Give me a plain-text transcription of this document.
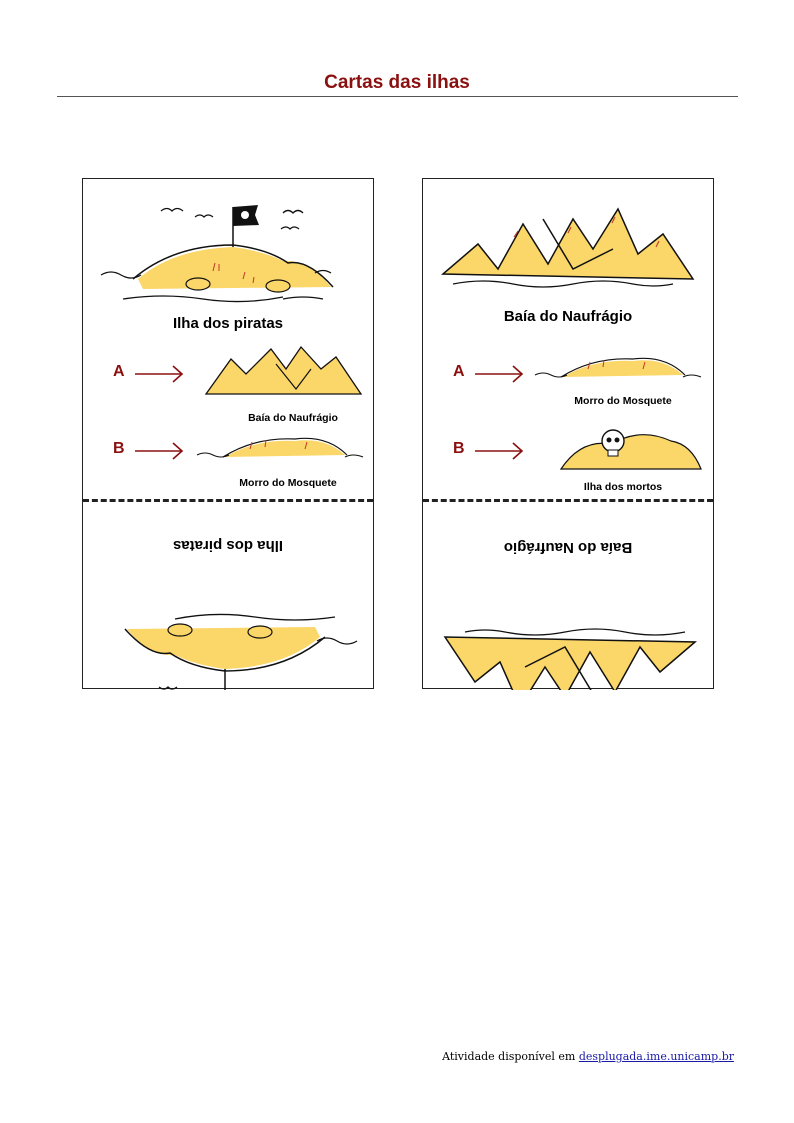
Cartas das ilhas
Ilha dos piratas
A
Baía do Naufrágio
B
Morro do Mosquete
Ilha dos piratas
Baía do Naufrágio
A
Morro do Mosquete
B
Ilha dos mortos
Baía do Naufrágio
Atividade disponível em desplugada.ime.unicamp.br
